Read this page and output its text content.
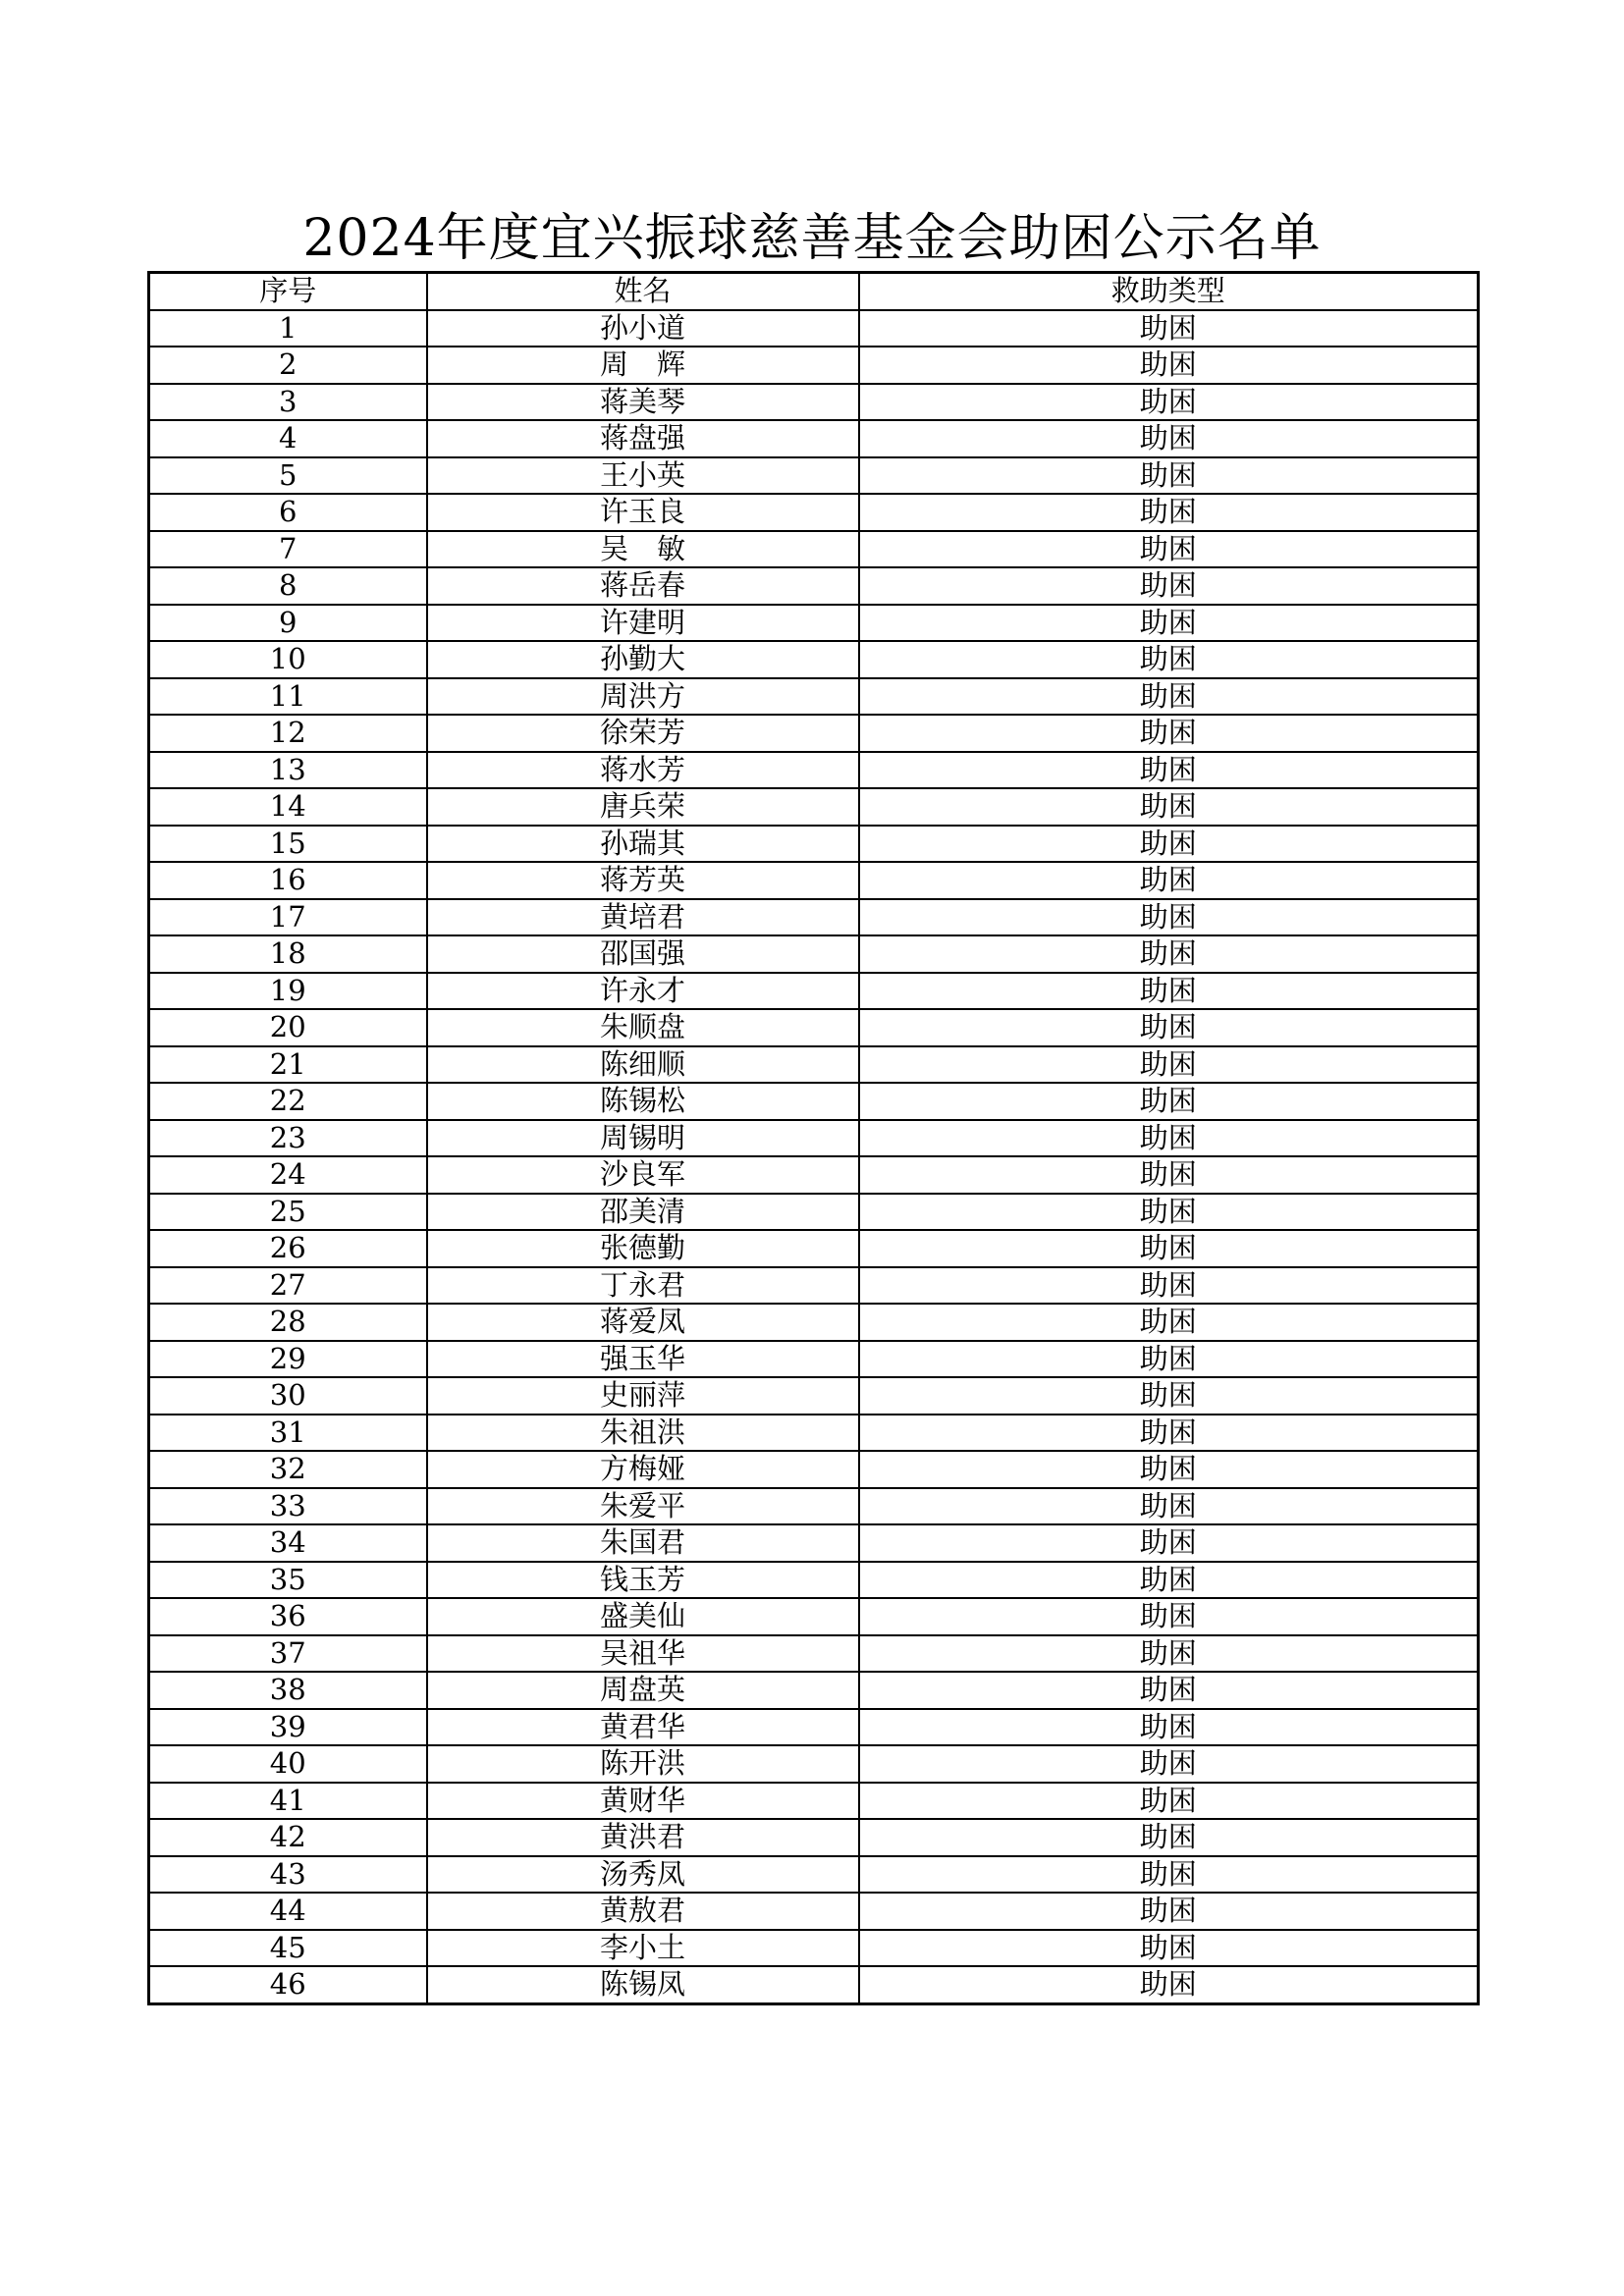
2024年度宜兴振球慈善基金会助困公示名单
序号	姓名	救助类型
1	孙小道	助困
2	周　辉	助困
3	蒋美琴	助困
4	蒋盘强	助困
5	王小英	助困
6	许玉良	助困
7	吴　敏	助困
8	蒋岳春	助困
9	许建明	助困
10	孙勤大	助困
11	周洪方	助困
12	徐荣芳	助困
13	蒋水芳	助困
14	唐兵荣	助困
15	孙瑞其	助困
16	蒋芳英	助困
17	黄培君	助困
18	邵国强	助困
19	许永才	助困
20	朱顺盘	助困
21	陈细顺	助困
22	陈锡松	助困
23	周锡明	助困
24	沙良军	助困
25	邵美清	助困
26	张德勤	助困
27	丁永君	助困
28	蒋爱凤	助困
29	强玉华	助困
30	史丽萍	助困
31	朱祖洪	助困
32	方梅娅	助困
33	朱爱平	助困
34	朱国君	助困
35	钱玉芳	助困
36	盛美仙	助困
37	吴祖华	助困
38	周盘英	助困
39	黄君华	助困
40	陈开洪	助困
41	黄财华	助困
42	黄洪君	助困
43	汤秀凤	助困
44	黄敖君	助困
45	李小土	助困
46	陈锡凤	助困
